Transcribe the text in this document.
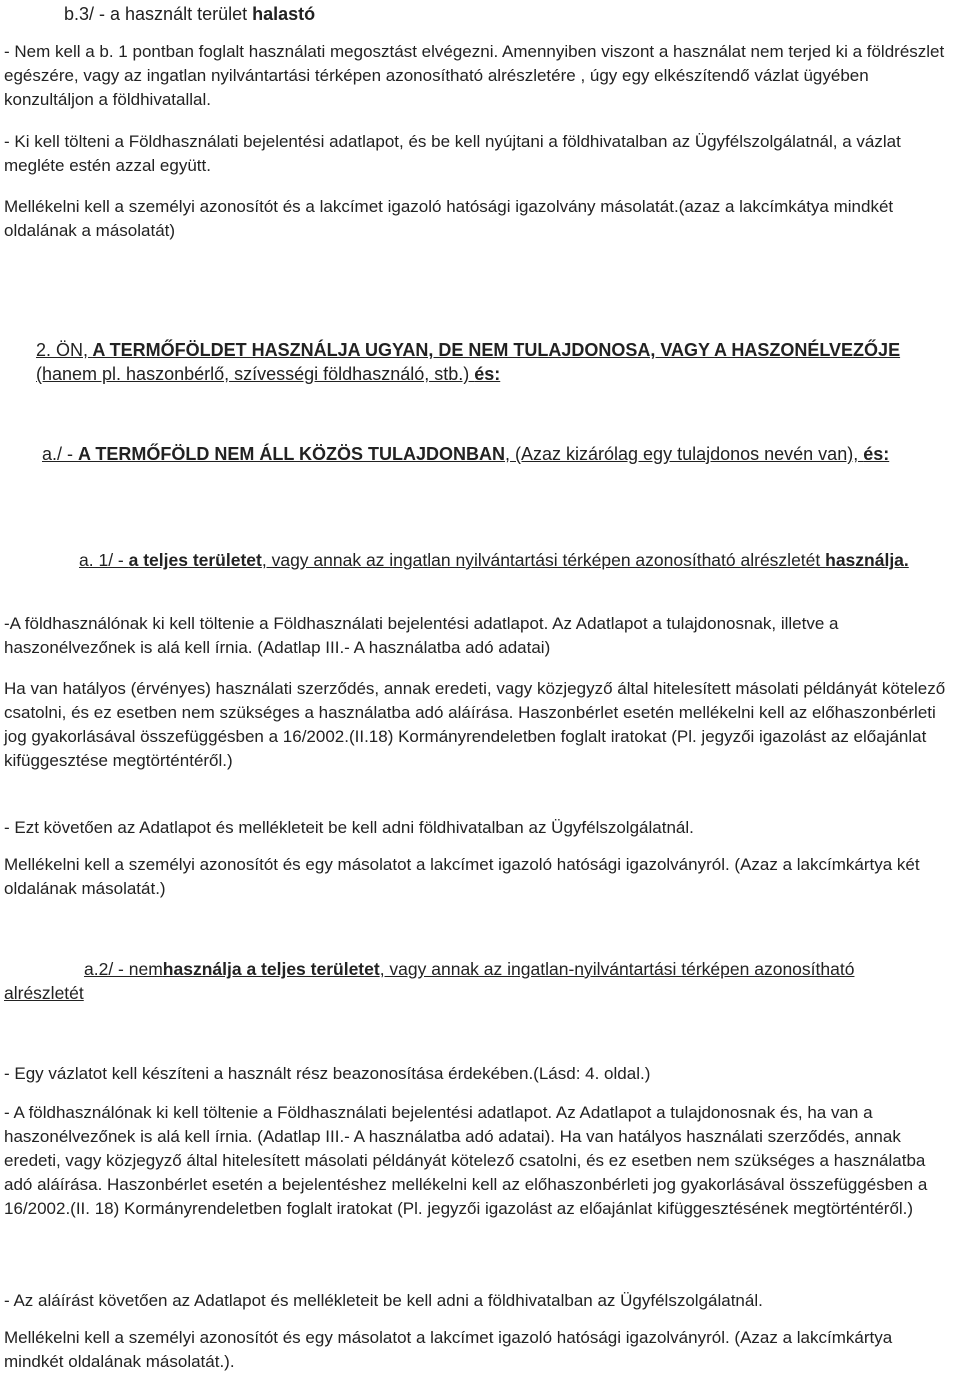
b.3/ - a használt terület halastó

- Nem kell a b. 1 pontban foglalt használati megosztást elvégezni. Amennyiben viszont a használat nem terjed ki a földrészlet egészére, vagy az ingatlan nyilvántartási térképen azonosítható alrészletére , úgy egy elkészítendő vázlat ügyében konzultáljon a földhivatallal.

- Ki kell tölteni a Földhasználati bejelentési adatlapot, és be kell nyújtani a földhivatalban az Ügyfélszolgálatnál, a vázlat megléte estén azzal együtt.

Mellékelni kell a személyi azonosítót és a lakcímet igazoló hatósági igazolvány másolatát.(azaz a lakcímkátya mindkét oldalának a másolatát)

2. ÖN, A TERMŐFÖLDET HASZNÁLJA UGYAN, DE NEM TULAJDONOSA, VAGY A HASZONÉLVEZŐJE (hanem pl. haszonbérlő, szívességi földhasználó, stb.) és:
a./ - A TERMŐFÖLD NEM ÁLL KÖZÖS TULAJDONBAN, (Azaz kizárólag egy tulajdonos nevén van), és:
a. 1/ - a teljes területet, vagy annak az ingatlan nyilvántartási térképen azonosítható alrészletét használja.

-A földhasználónak ki kell töltenie a Földhasználati bejelentési adatlapot. Az Adatlapot a tulajdonosnak, illetve a haszonélvezőnek is alá kell írnia. (Adatlap III.- A használatba adó adatai)

Ha van hatályos (érvényes) használati szerződés, annak eredeti, vagy közjegyző által hitelesített másolati példányát kötelező csatolni, és ez esetben nem szükséges a használatba adó aláírása. Haszonbérlet esetén mellékelni kell az előhaszonbérleti jog gyakorlásával összefüggésben a 16/2002.(II.18) Kormányrendeletben foglalt iratokat (Pl. jegyzői igazolást az előajánlat kifüggesztése megtörténtéről.)

- Ezt követően az Adatlapot és mellékleteit be kell adni földhivatalban az Ügyfélszolgálatnál.

Mellékelni kell a személyi azonosítót és egy másolatot a lakcímet igazoló hatósági igazolványról. (Azaz a lakcímkártya két oldalának másolatát.)

a.2/ - nemhasználja a teljes területet, vagy annak az ingatlan-nyilvántartási térképen azonosítható alrészletét

- Egy vázlatot kell készíteni a használt rész beazonosítása érdekében.(Lásd: 4. oldal.)

- A földhasználónak ki kell töltenie a Földhasználati bejelentési adatlapot. Az Adatlapot a tulajdonosnak és, ha van a haszonélvezőnek is alá kell írnia. (Adatlap III.- A használatba adó adatai). Ha van hatályos használati szerződés, annak eredeti, vagy közjegyző által hitelesített másolati példányát kötelező csatolni, és ez esetben nem szükséges a használatba adó aláírása. Haszonbérlet esetén a bejelentéshez mellékelni kell az előhaszonbérleti jog gyakorlásával összefüggésben a 16/2002.(II. 18) Kormányrendeletben foglalt iratokat (Pl. jegyzői igazolást az előajánlat kifüggesztésének megtörténtéről.)

- Az aláírást követően az Adatlapot és mellékleteit be kell adni a földhivatalban az Ügyfélszolgálatnál.

Mellékelni kell a személyi azonosítót és egy másolatot a lakcímet igazoló hatósági igazolványról. (Azaz a lakcímkártya mindkét oldalának másolatát.).
